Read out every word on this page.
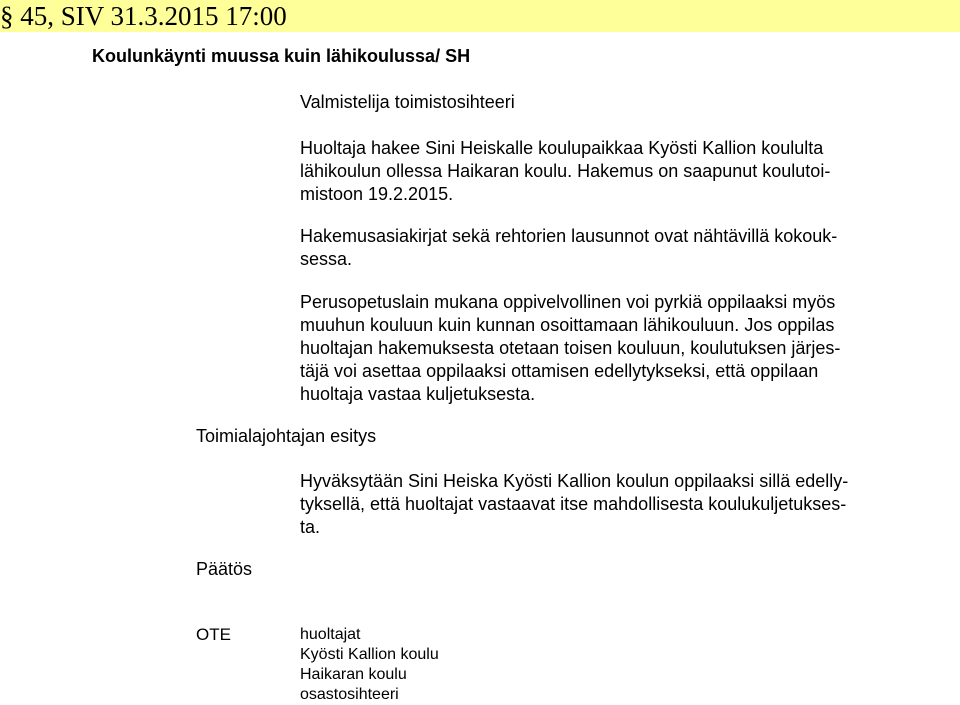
§ 45, SIV 31.3.2015 17:00
Koulunkäynti muussa kuin lähikoulussa/ SH
Valmistelija toimistosihteeri
Huoltaja hakee Sini Heiskalle koulupaikkaa Kyösti Kallion koululta
lähikoulun ollessa Haikaran koulu. Hakemus on saapunut koulutoi-
mistoon 19.2.2015.
Hakemusasiakirjat sekä rehtorien lausunnot ovat nähtävillä kokouk-
sessa.
Perusopetuslain mukana oppivelvollinen voi pyrkiä oppilaaksi myös
muuhun kouluun kuin kunnan osoittamaan lähikouluun. Jos oppilas
huoltajan hakemuksesta otetaan toisen kouluun, koulutuksen järjes-
täjä voi asettaa oppilaaksi ottamisen edellytykseksi, että oppilaan
huoltaja vastaa kuljetuksesta.
Toimialajohtajan esitys
Hyväksytään Sini Heiska Kyösti Kallion koulun oppilaaksi sillä edelly-
tyksellä, että huoltajat vastaavat itse mahdollisesta koulukuljetukses-
ta.
Päätös
OTE	huoltajat
Kyösti Kallion koulu
Haikaran koulu
osastosihteeri
